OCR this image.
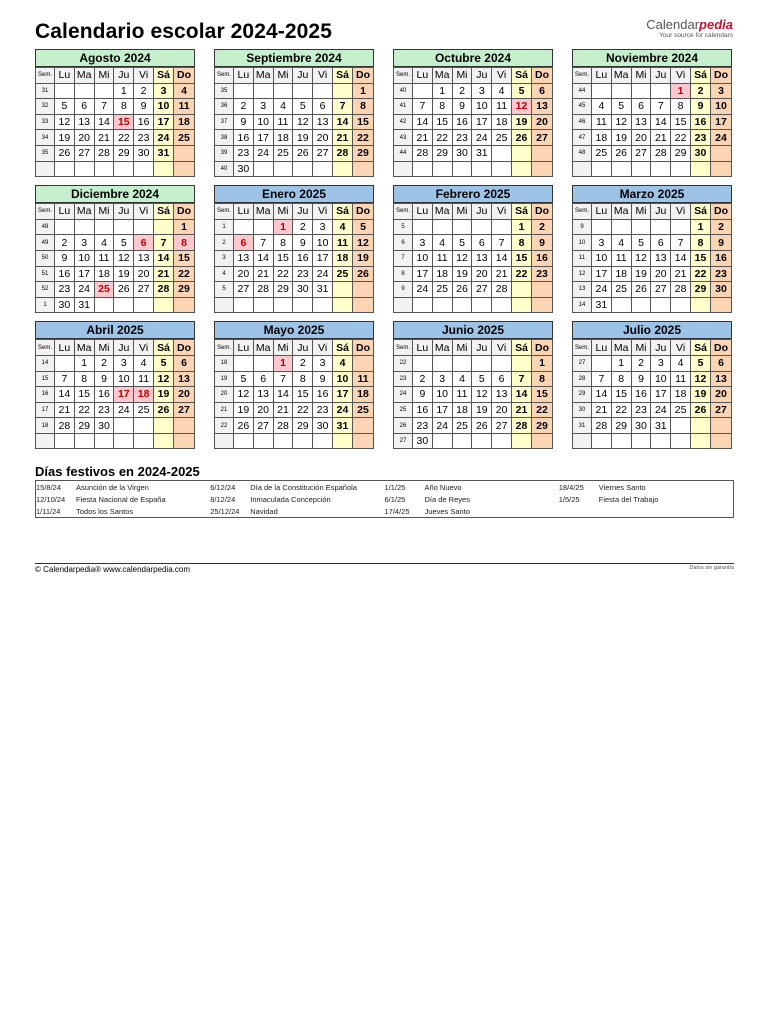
Calendario escolar 2024-2025	Calendarpedia
Your source for calendars
Agosto 2024
Sem.	Lu	Ma	Mi	Ju	Vi	Sá	Do
31				1	2	3	4
32	5	6	7	8	9	10	11
33	12	13	14	15	16	17	18
34	19	20	21	22	23	24	25
35	26	27	28	29	30	31	

Septiembre 2024
Sem.	Lu	Ma	Mi	Ju	Vi	Sá	Do
35							1
36	2	3	4	5	6	7	8
37	9	10	11	12	13	14	15
38	16	17	18	19	20	21	22
39	23	24	25	26	27	28	29
40	30						
Octubre 2024
Sem.	Lu	Ma	Mi	Ju	Vi	Sá	Do
40		1	2	3	4	5	6
41	7	8	9	10	11	12	13
42	14	15	16	17	18	19	20
43	21	22	23	24	25	26	27
44	28	29	30	31			

Noviembre 2024
Sem.	Lu	Ma	Mi	Ju	Vi	Sá	Do
44					1	2	3
45	4	5	6	7	8	9	10
46	11	12	13	14	15	16	17
47	18	19	20	21	22	23	24
48	25	26	27	28	29	30	

Diciembre 2024
Sem.	Lu	Ma	Mi	Ju	Vi	Sá	Do
48							1
49	2	3	4	5	6	7	8
50	9	10	11	12	13	14	15
51	16	17	18	19	20	21	22
52	23	24	25	26	27	28	29
1	30	31					
Enero 2025
Sem.	Lu	Ma	Mi	Ju	Vi	Sá	Do
1			1	2	3	4	5
2	6	7	8	9	10	11	12
3	13	14	15	16	17	18	19
4	20	21	22	23	24	25	26
5	27	28	29	30	31		

Febrero 2025
Sem.	Lu	Ma	Mi	Ju	Vi	Sá	Do
5						1	2
6	3	4	5	6	7	8	9
7	10	11	12	13	14	15	16
8	17	18	19	20	21	22	23
9	24	25	26	27	28		

Marzo 2025
Sem.	Lu	Ma	Mi	Ju	Vi	Sá	Do
9						1	2
10	3	4	5	6	7	8	9
11	10	11	12	13	14	15	16
12	17	18	19	20	21	22	23
13	24	25	26	27	28	29	30
14	31						
Abril 2025
Sem.	Lu	Ma	Mi	Ju	Vi	Sá	Do
14		1	2	3	4	5	6
15	7	8	9	10	11	12	13
16	14	15	16	17	18	19	20
17	21	22	23	24	25	26	27
18	28	29	30				

Mayo 2025
Sem.	Lu	Ma	Mi	Ju	Vi	Sá	Do
18			1	2	3	4	
19	5	6	7	8	9	10	11
20	12	13	14	15	16	17	18
21	19	20	21	22	23	24	25
22	26	27	28	29	30	31	

Junio 2025
Sem.	Lu	Ma	Mi	Ju	Vi	Sá	Do
22							1
23	2	3	4	5	6	7	8
24	9	10	11	12	13	14	15
25	16	17	18	19	20	21	22
26	23	24	25	26	27	28	29
27	30						
Julio 2025
Sem.	Lu	Ma	Mi	Ju	Vi	Sá	Do
27		1	2	3	4	5	6
28	7	8	9	10	11	12	13
29	14	15	16	17	18	19	20
30	21	22	23	24	25	26	27
31	28	29	30	31			

Días festivos en 2024-2025
15/8/24	Asunción de la Virgen
12/10/24	Fiesta Nacional de España
1/11/24	Todos los Santos
6/12/24	Día de la Constitución Española
8/12/24	Inmaculada Concepción
25/12/24	Navidad
1/1/25	Año Nuevo
6/1/25	Día de Reyes
17/4/25	Jueves Santo
18/4/25	Viernes Santo
1/5/25	Fiesta del Trabajo
© Calendarpedia® www.calendarpedia.com	Datos sin garantía
